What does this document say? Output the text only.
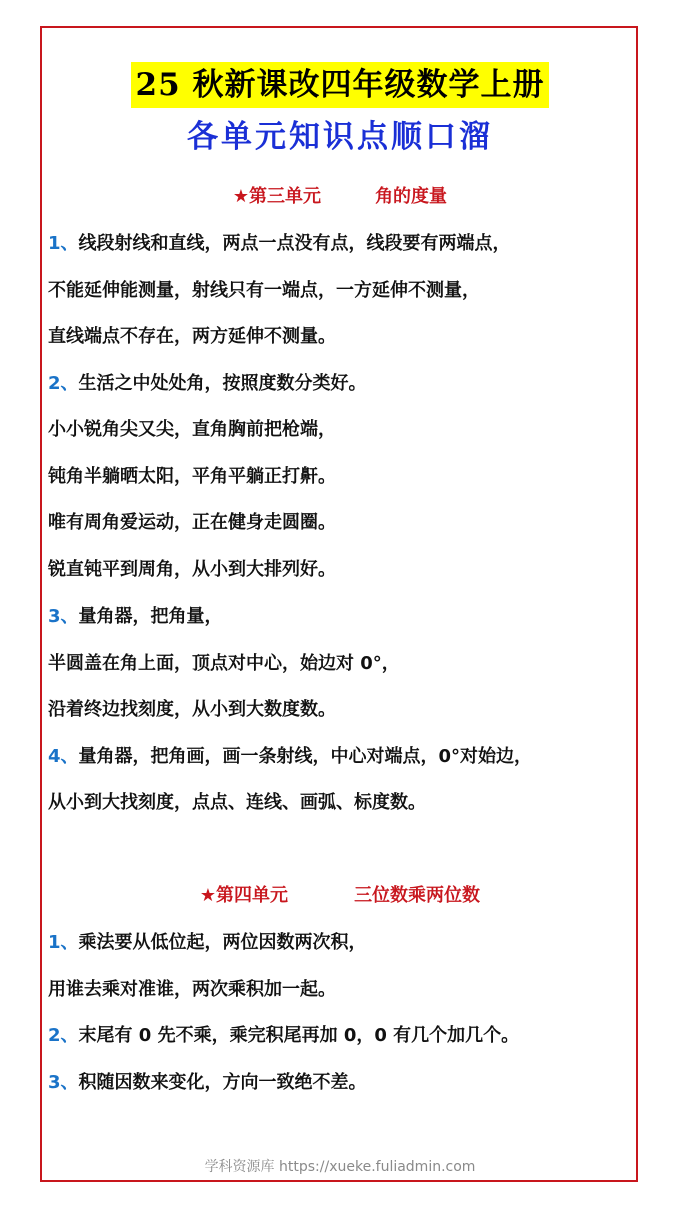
25 秋新课改四年级数学上册
各单元知识点顺口溜
★第三单元	角的度量
1、线段射线和直线，两点一点没有点，线段要有两端点，
不能延伸能测量，射线只有一端点，一方延伸不测量，
直线端点不存在，两方延伸不测量。
2、生活之中处处角，按照度数分类好。
小小锐角尖又尖，直角胸前把枪端，
钝角半躺晒太阳，平角平躺正打鼾。
唯有周角爱运动，正在健身走圆圈。
锐直钝平到周角，从小到大排列好。
3、量角器，把角量，
半圆盖在角上面，顶点对中心，始边对 0°，
沿着终边找刻度，从小到大数度数。
4、量角器，把角画，画一条射线，中心对端点，0°对始边，
从小到大找刻度，点点、连线、画弧、标度数。
★第四单元	三位数乘两位数
1、乘法要从低位起，两位因数两次积，
用谁去乘对准谁，两次乘积加一起。
2、末尾有 0 先不乘，乘完积尾再加 0，0 有几个加几个。
3、积随因数来变化，方向一致绝不差。
学科资源库 https://xueke.fuliadmin.com
